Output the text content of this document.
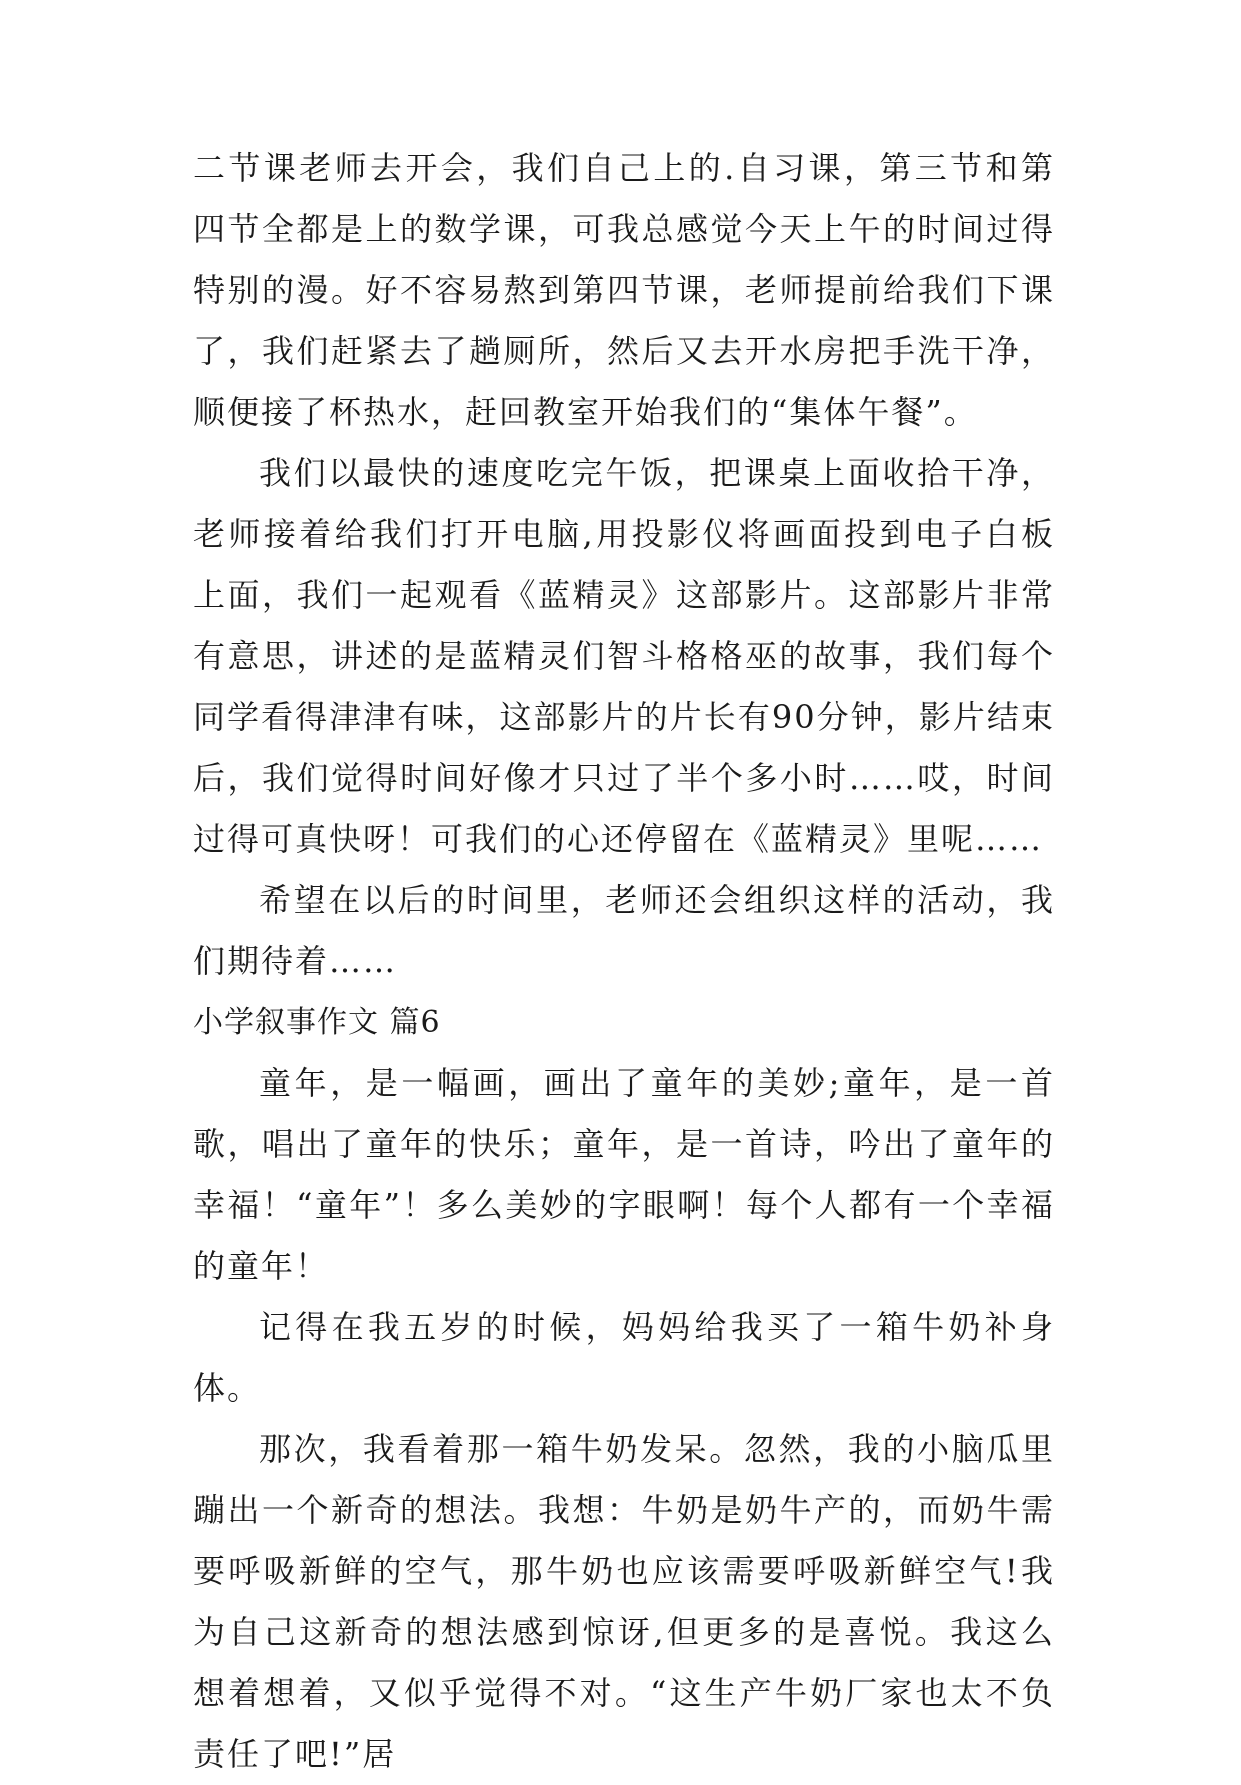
二节课老师去开会，我们自己上的.自习课，第三节和第四节全都是上的数学课，可我总感觉今天上午的时间过得特别的漫。好不容易熬到第四节课，老师提前给我们下课了，我们赶紧去了趟厕所，然后又去开水房把手洗干净，顺便接了杯热水，赶回教室开始我们的“集体午餐”。

我们以最快的速度吃完午饭，把课桌上面收拾干净，老师接着给我们打开电脑,用投影仪将画面投到电子白板上面，我们一起观看《蓝精灵》这部影片。这部影片非常有意思，讲述的是蓝精灵们智斗格格巫的故事，我们每个同学看得津津有味，这部影片的片长有90分钟，影片结束后，我们觉得时间好像才只过了半个多小时……哎，时间过得可真快呀！可我们的心还停留在《蓝精灵》里呢……

希望在以后的时间里，老师还会组织这样的活动，我们期待着……

小学叙事作文 篇6

童年，是一幅画，画出了童年的美妙;童年，是一首歌，唱出了童年的快乐；童年，是一首诗，吟出了童年的幸福！“童年”！多么美妙的字眼啊！每个人都有一个幸福的童年！

记得在我五岁的时候，妈妈给我买了一箱牛奶补身体。

那次，我看着那一箱牛奶发呆。忽然，我的小脑瓜里蹦出一个新奇的想法。我想：牛奶是奶牛产的，而奶牛需要呼吸新鲜的空气，那牛奶也应该需要呼吸新鲜空气!我为自己这新奇的想法感到惊讶,但更多的是喜悦。我这么想着想着，又似乎觉得不对。“这生产牛奶厂家也太不负责任了吧!”居
